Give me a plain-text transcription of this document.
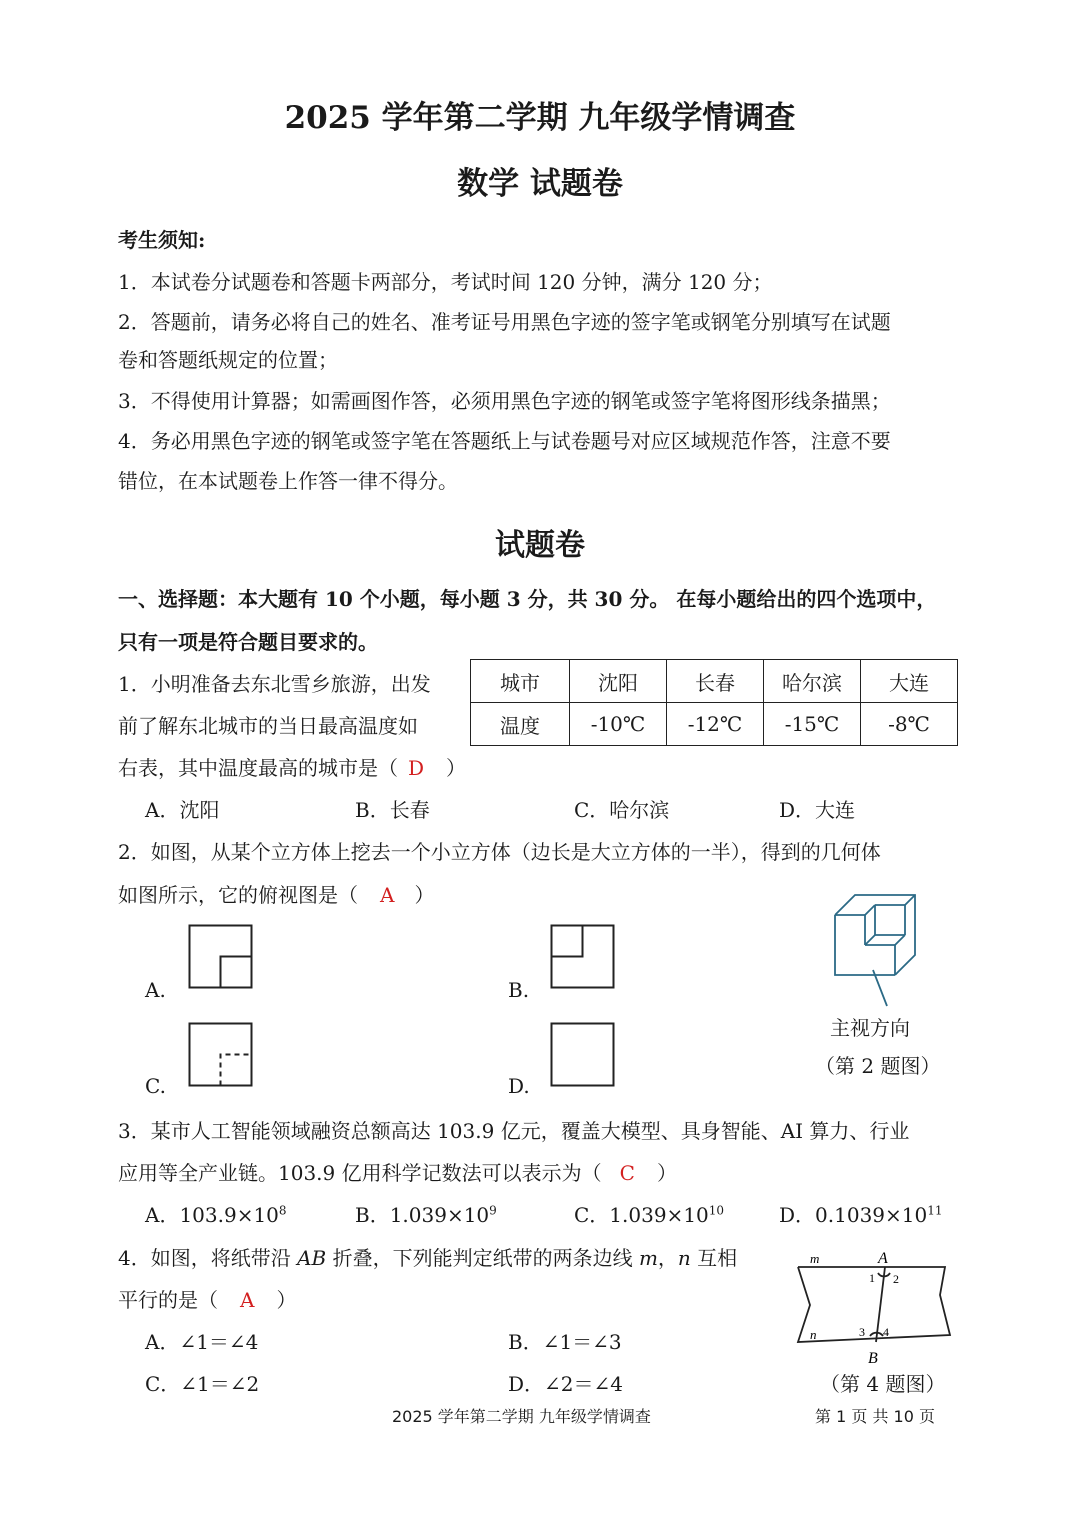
2025 学年第二学期 九年级学情调查
数学 试题卷
考生须知:
1．本试卷分试题卷和答题卡两部分，考试时间 120 分钟，满分 120 分；
2．答题前，请务必将自己的姓名、准考证号用黑色字迹的签字笔或钢笔分别填写在试题
卷和答题纸规定的位置；
3．不得使用计算器；如需画图作答，必须用黑色字迹的钢笔或签字笔将图形线条描黑；
4．务必用黑色字迹的钢笔或签字笔在答题纸上与试卷题号对应区域规范作答，注意不要
错位，在本试题卷上作答一律不得分。
试题卷
一、选择题：本大题有 10 个小题，每小题 3 分，共 30 分。 在每小题给出的四个选项中，
只有一项是符合题目要求的。
1．小明准备去东北雪乡旅游，出发
前了解东北城市的当日最高温度如
右表，其中温度最高的城市是（ D ）
城市	沈阳	长春	哈尔滨	大连
温度	-10℃	-12℃	-15℃	-8℃
A．沈阳	B．长春	C．哈尔滨	D．大连
2．如图，从某个立方体上挖去一个小立方体（边长是大立方体的一半），得到的几何体
如图所示，它的俯视图是（ A ）
A.	B.
C.	D.
主视方向
（第 2 题图）
3．某市人工智能领域融资总额高达 103.9 亿元，覆盖大模型、具身智能、AI 算力、行业
应用等全产业链。103.9 亿用科学记数法可以表示为（ C ）
A．$103.9\times 10^8$	B．$1.039\times 10^9$	C．$1.039\times 10^{10}$	D．$0.1039\times 10^{11}$
4．如图，将纸带沿 AB 折叠，下列能判定纸带的两条边线 m，n 互相
平行的是（ A ）
A．∠1＝∠4	B．∠1＝∠3
C．∠1＝∠2	D．∠2＝∠4
m
n
A
B
1 2
3 4
（第 4 题图）
2025 学年第二学期 九年级学情调查	第 1 页 共 10 页
